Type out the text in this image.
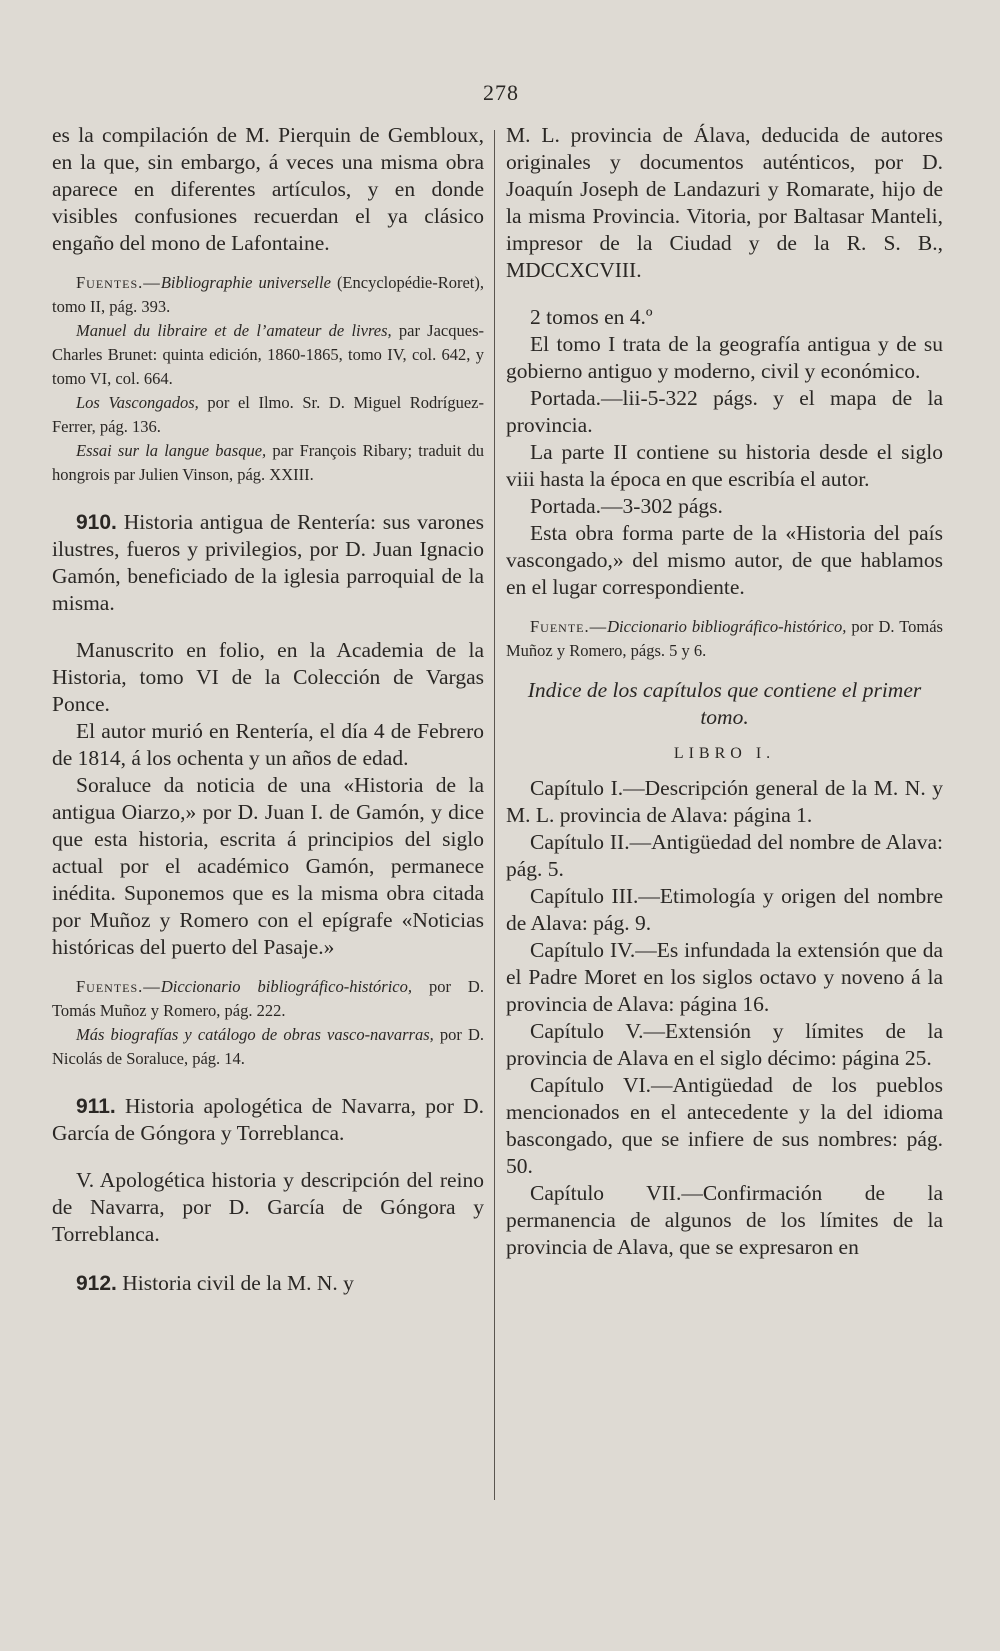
278

es la compilación de M. Pierquin de Gembloux, en la que, sin embargo, á veces una misma obra aparece en diferentes artículos, y en donde visibles confusiones recuerdan el ya clásico engaño del mono de Lafontaine.

Fuentes.—Bibliographie universelle (Encyclopédie-Roret), tomo II, pág. 393.

Manuel du libraire et de l’amateur de livres, par Jacques-Charles Brunet: quinta edición, 1860-1865, tomo IV, col. 642, y tomo VI, col. 664.

Los Vascongados, por el Ilmo. Sr. D. Miguel Rodríguez-Ferrer, pág. 136.

Essai sur la langue basque, par François Ribary; traduit du hongrois par Julien Vinson, pág. XXIII.

910. Historia antigua de Rentería: sus varones ilustres, fueros y privilegios, por D. Juan Ignacio Gamón, beneficiado de la iglesia parroquial de la misma.

Manuscrito en folio, en la Academia de la Historia, tomo VI de la Colección de Vargas Ponce.

El autor murió en Rentería, el día 4 de Febrero de 1814, á los ochenta y un años de edad.

Soraluce da noticia de una «Historia de la antigua Oiarzo,» por D. Juan I. de Gamón, y dice que esta historia, escrita á principios del siglo actual por el académico Gamón, permanece inédita. Suponemos que es la misma obra citada por Muñoz y Romero con el epígrafe «Noticias históricas del puerto del Pasaje.»

Fuentes.—Diccionario bibliográfico-histórico, por D. Tomás Muñoz y Romero, pág. 222.

Más biografías y catálogo de obras vasco-navarras, por D. Nicolás de Soraluce, pág. 14.

911. Historia apologética de Navarra, por D. García de Góngora y Torreblanca.

V. Apologética historia y descripción del reino de Navarra, por D. García de Góngora y Torreblanca.

912. Historia civil de la M. N. y

M. L. provincia de Álava, deducida de autores originales y documentos auténticos, por D. Joaquín Joseph de Landazuri y Romarate, hijo de la misma Provincia. Vitoria, por Baltasar Manteli, impresor de la Ciudad y de la R. S. B., MDCCXCVIII.

2 tomos en 4.º

El tomo I trata de la geografía antigua y de su gobierno antiguo y moderno, civil y económico.

Portada.—lii-5-322 págs. y el mapa de la provincia.

La parte II contiene su historia desde el siglo viii hasta la época en que escribía el autor.

Portada.—3-302 págs.

Esta obra forma parte de la «Historia del país vascongado,» del mismo autor, de que hablamos en el lugar correspondiente.

Fuente.—Diccionario bibliográfico-histórico, por D. Tomás Muñoz y Romero, págs. 5 y 6.

Indice de los capítulos que contiene el primer tomo.

LIBRO I.

Capítulo I.—Descripción general de la M. N. y M. L. provincia de Alava: página 1.

Capítulo II.—Antigüedad del nombre de Alava: pág. 5.

Capítulo III.—Etimología y origen del nombre de Alava: pág. 9.

Capítulo IV.—Es infundada la extensión que da el Padre Moret en los siglos octavo y noveno á la provincia de Alava: página 16.

Capítulo V.—Extensión y límites de la provincia de Alava en el siglo décimo: página 25.

Capítulo VI.—Antigüedad de los pueblos mencionados en el antecedente y la del idioma bascongado, que se infiere de sus nombres: pág. 50.

Capítulo VII.—Confirmación de la permanencia de algunos de los límites de la provincia de Alava, que se expresaron en
